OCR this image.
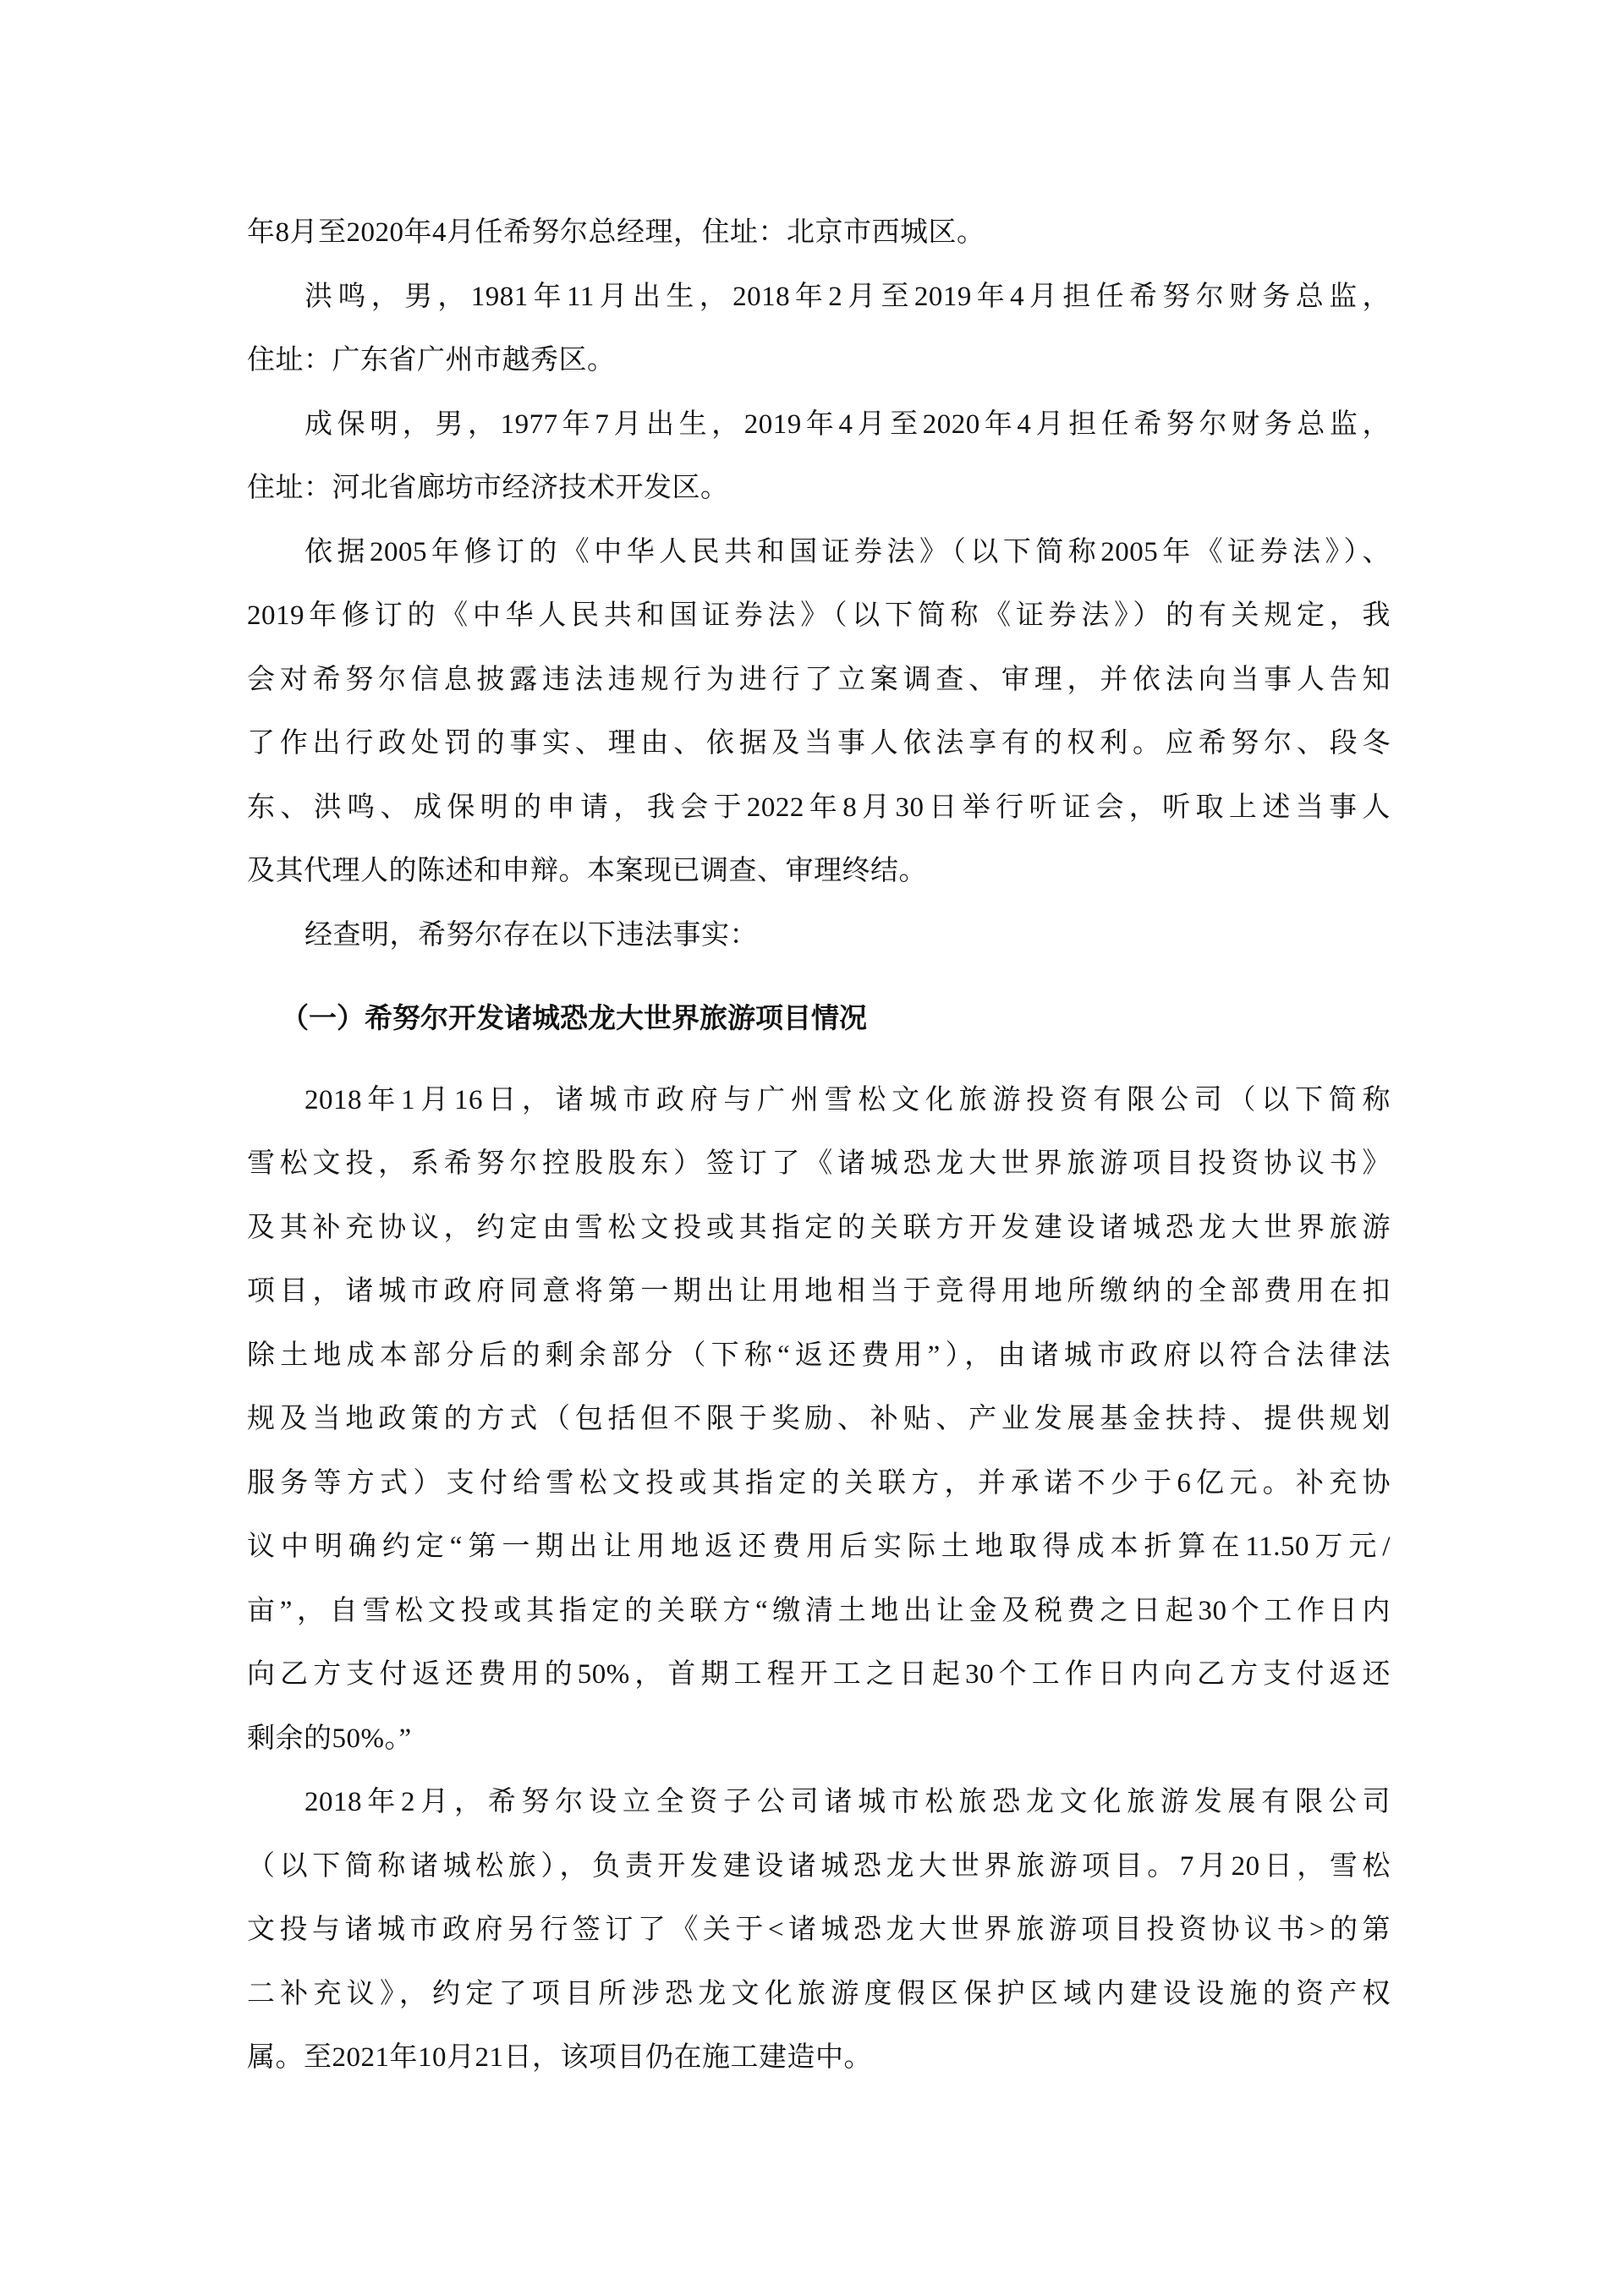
年8月至2020年4月任希努尔总经理，住址：北京市西城区。
洪鸣，男，1981年11月出生，2018年2月至2019年4月担任希努尔财务总监，
住址：广东省广州市越秀区。
成保明，男，1977年7月出生，2019年4月至2020年4月担任希努尔财务总监，
住址：河北省廊坊市经济技术开发区。
依据2005年修订的《中华人民共和国证券法》（以下简称2005年《证券法》）、
2019年修订的《中华人民共和国证券法》（以下简称《证券法》）的有关规定，我
会对希努尔信息披露违法违规行为进行了立案调查、审理，并依法向当事人告知
了作出行政处罚的事实、理由、依据及当事人依法享有的权利。应希努尔、段冬
东、洪鸣、成保明的申请，我会于2022年8月30日举行听证会，听取上述当事人
及其代理人的陈述和申辩。本案现已调查、审理终结。
经查明，希努尔存在以下违法事实：
（一）希努尔开发诸城恐龙大世界旅游项目情况
2018年1月16日，诸城市政府与广州雪松文化旅游投资有限公司（以下简称
雪松文投，系希努尔控股股东）签订了《诸城恐龙大世界旅游项目投资协议书》
及其补充协议，约定由雪松文投或其指定的关联方开发建设诸城恐龙大世界旅游
项目，诸城市政府同意将第一期出让用地相当于竞得用地所缴纳的全部费用在扣
除土地成本部分后的剩余部分（下称“返还费用”），由诸城市政府以符合法律法
规及当地政策的方式（包括但不限于奖励、补贴、产业发展基金扶持、提供规划
服务等方式）支付给雪松文投或其指定的关联方，并承诺不少于6亿元。补充协
议中明确约定“第一期出让用地返还费用后实际土地取得成本折算在11.50万元/
亩”，自雪松文投或其指定的关联方“缴清土地出让金及税费之日起30个工作日内
向乙方支付返还费用的50%，首期工程开工之日起30个工作日内向乙方支付返还
剩余的50%。”
2018年2月，希努尔设立全资子公司诸城市松旅恐龙文化旅游发展有限公司
（以下简称诸城松旅），负责开发建设诸城恐龙大世界旅游项目。7月20日，雪松
文投与诸城市政府另行签订了《关于<诸城恐龙大世界旅游项目投资协议书>的第
二补充议》，约定了项目所涉恐龙文化旅游度假区保护区域内建设设施的资产权
属。至2021年10月21日，该项目仍在施工建造中。
